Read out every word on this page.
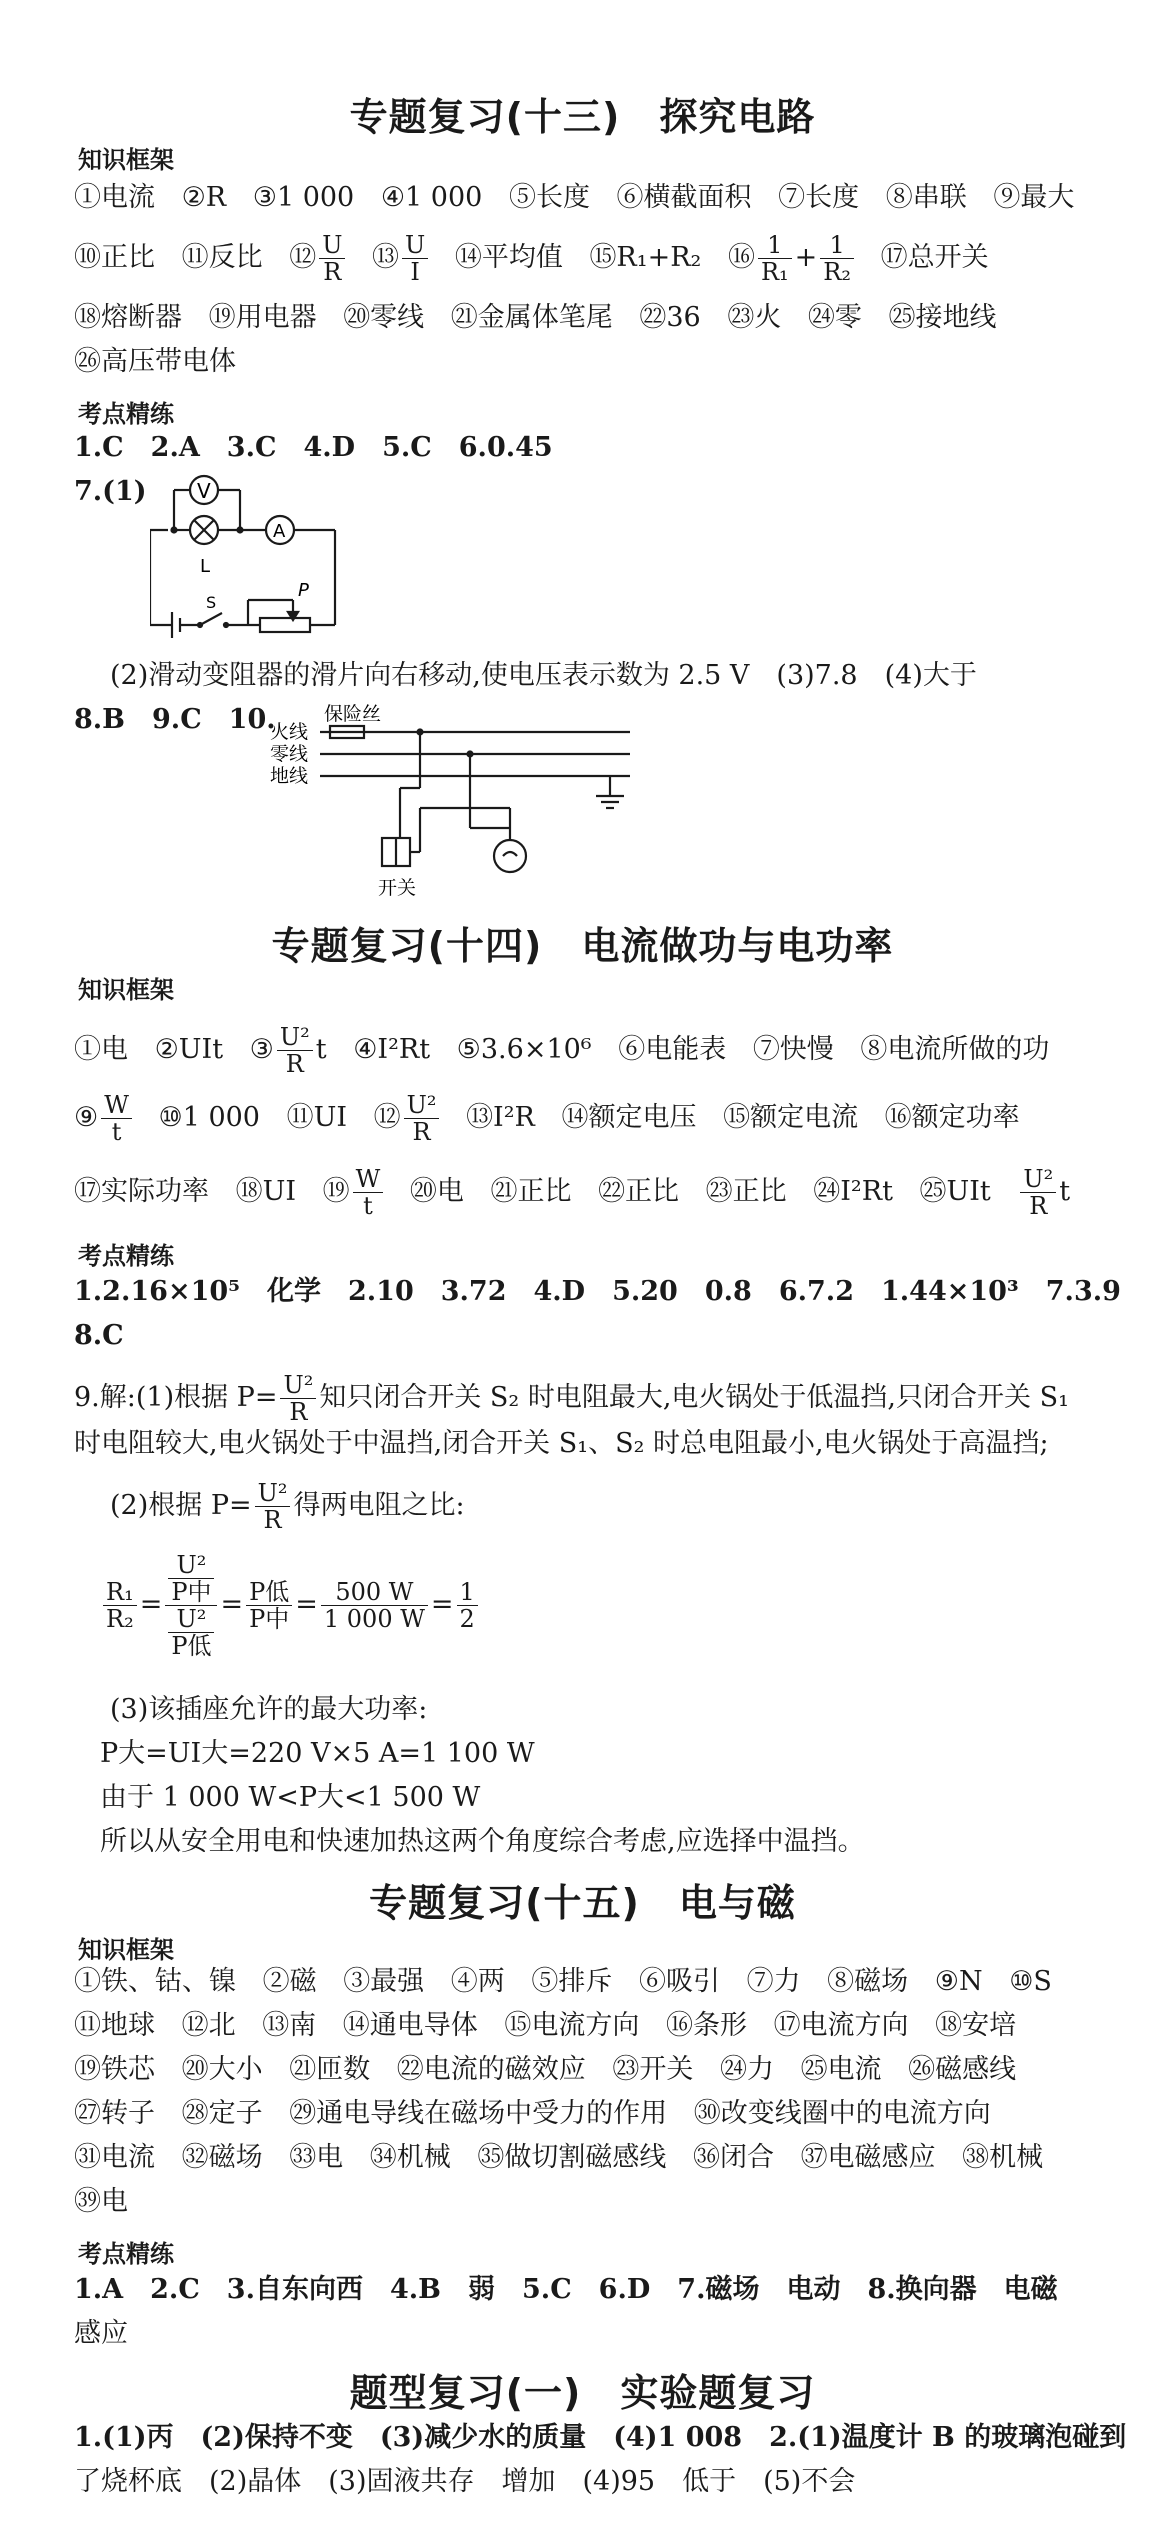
专题复习(十三)　探究电路
知识框架
①电流 ②R ③1 000 ④1 000 ⑤长度 ⑥横截面积 ⑦长度 ⑧串联 ⑨最大
⑩正比 ⑪反比 ⑫ $\frac{U}{R}$ ⑬ $\frac{U}{I}$ ⑭平均值 ⑮R₁+R₂ ⑯ $\frac{1}{\text{R₁}} + \frac{1}{\text{R₂}}$ ⑰总开关
⑱熔断器 ⑲用电器 ⑳零线 ㉑金属体笔尾 ㉒36 ㉓火 ㉔零 ㉕接地线
㉖高压带电体
考点精练
1.C　2.A　3.C　4.D　5.C　6.0.45
7.(1)	V
A
L
S
P
(2)滑动变阻器的滑片向右移动,使电压表示数为 2.5 V　(3)7.8　(4)大于
8.B　9.C　10.
火线
保险丝
零线
地线
开关
专题复习(十四)　电流做功与电功率
知识框架
①电 ②UIt ③ $\frac{\text{U²}}{R}$ t ④I²Rt ⑤3.6×10⁶ ⑥电能表 ⑦快慢 ⑧电流所做的功
⑨ $\frac{W}{t}$ ⑩1 000 ⑪UI ⑫ $\frac{\text{U²}}{R}$ ⑬I²R ⑭额定电压 ⑮额定电流 ⑯额定功率
⑰实际功率 ⑱UI ⑲ $\frac{W}{t}$ ⑳电 ㉑正比 ㉒正比 ㉓正比 ㉔I²Rt ㉕UIt $\frac{\text{U²}}{R}$ t
考点精练
1.2.16×10⁵　化学　2.10　3.72　4.D　5.20　0.8　6.7.2　1.44×10³　7.3.9
8.C
9.解:(1)根据 $P= \frac{\text{U²}}{R}$ 知只闭合开关 S₂ 时电阻最大,电火锅处于低温挡,只闭合开关 S₁
时电阻较大,电火锅处于中温挡,闭合开关 S₁、S₂ 时总电阻最小,电火锅处于高温挡;
(2)根据 $P= \frac{\text{U²}}{R}$ 得两电阻之比:
$\frac{\text{R₁}}{\text{R₂}} = \frac{\frac{\text{U²}}{\text{P中}}}{\frac{\text{U²}}{\text{P低}}} = \frac{\text{P低}}{\text{P中}} = \frac{500 W}{1 000 W} = \frac{1}{2}$
(3)该插座允许的最大功率:
P大=UI大=220 V×5 A=1 100 W
由于 1 000 W<P大<1 500 W
所以从安全用电和快速加热这两个角度综合考虑,应选择中温挡。
专题复习(十五)　电与磁
知识框架
①铁、钴、镍 ②磁 ③最强 ④两 ⑤排斥 ⑥吸引 ⑦力 ⑧磁场 ⑨N ⑩S
⑪地球 ⑫北 ⑬南 ⑭通电导体 ⑮电流方向 ⑯条形 ⑰电流方向 ⑱安培
⑲铁芯 ⑳大小 ㉑匝数 ㉒电流的磁效应 ㉓开关 ㉔力 ㉕电流 ㉖磁感线
㉗转子 ㉘定子 ㉙通电导线在磁场中受力的作用 ㉚改变线圈中的电流方向
㉛电流 ㉜磁场 ㉝电 ㉞机械 ㉟做切割磁感线 ㊱闭合 ㊲电磁感应 ㊳机械
㊴电
考点精练
1.A　2.C　3.自东向西　4.B　弱　5.C　6.D　7.磁场　电动　8.换向器　电磁
感应
题型复习(一)　实验题复习
1.(1)丙　(2)保持不变　(3)减少水的质量　(4)1 008　2.(1)温度计 B 的玻璃泡碰到
了烧杯底　(2)晶体　(3)固液共存　增加　(4)95　低于　(5)不会
